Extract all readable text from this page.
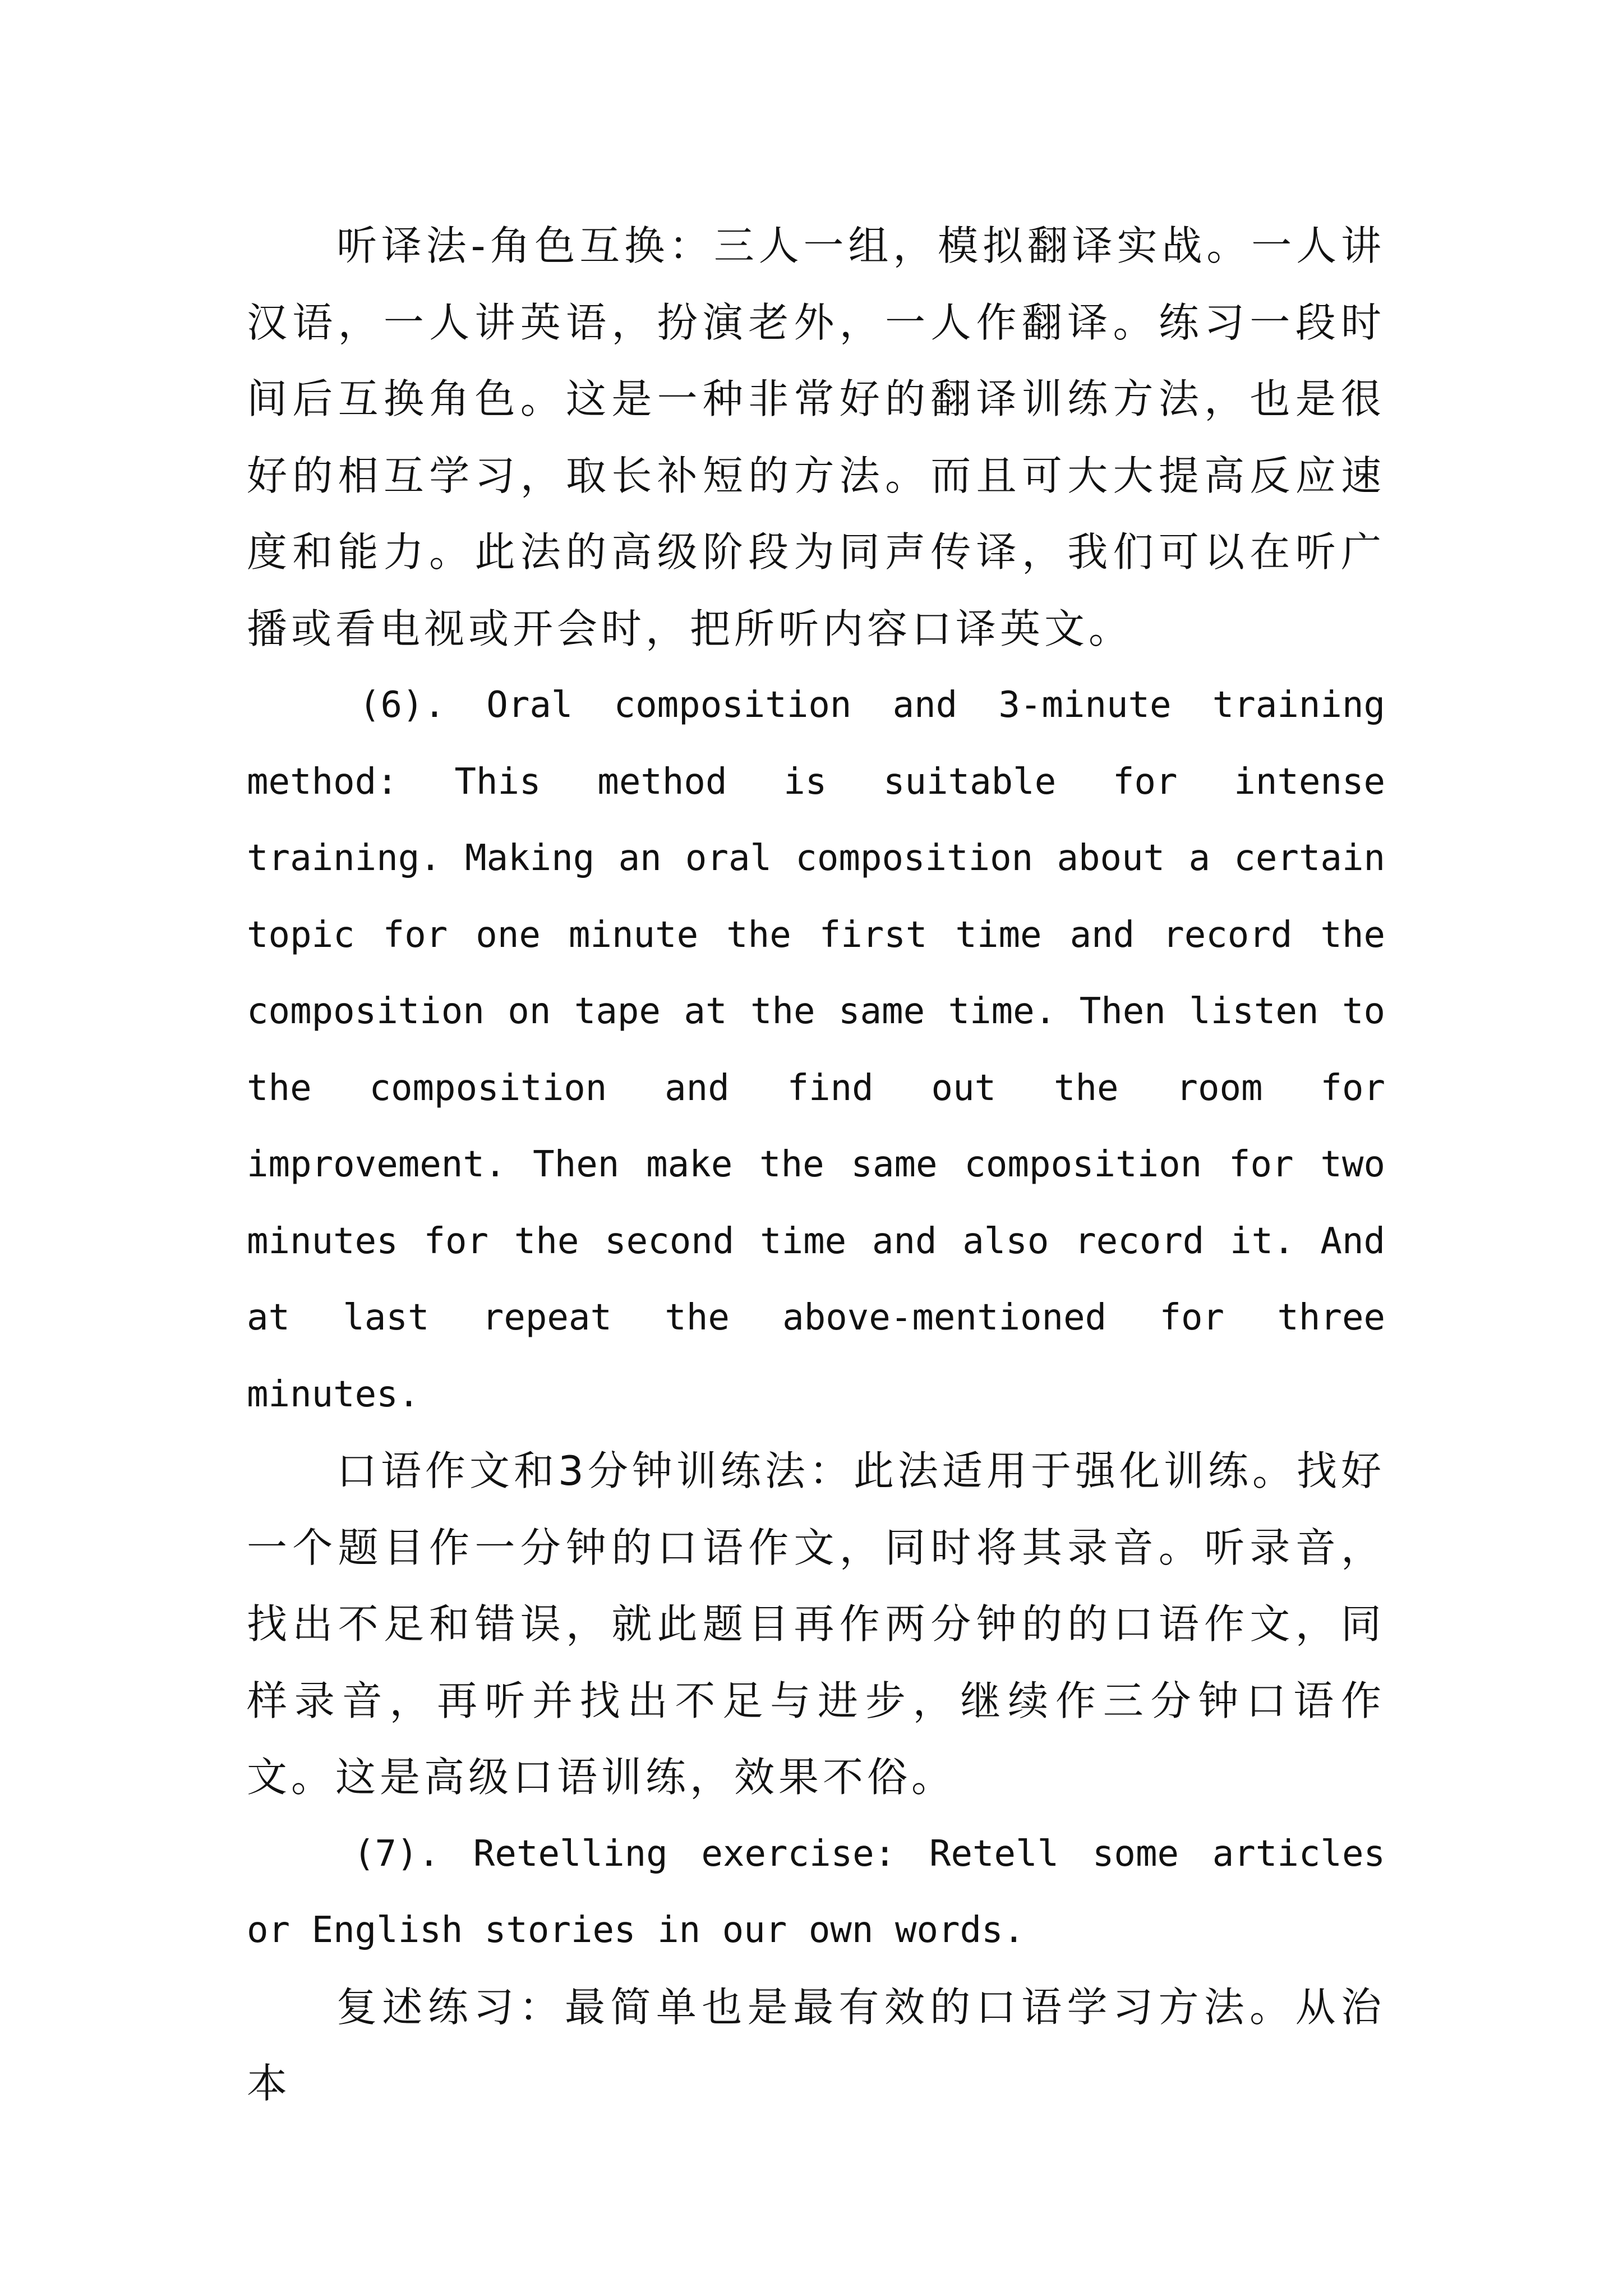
听译法-角色互换：三人一组，模拟翻译实战。一人讲汉语，一人讲英语，扮演老外，一人作翻译。练习一段时间后互换角色。这是一种非常好的翻译训练方法，也是很好的相互学习，取长补短的方法。而且可大大提高反应速度和能力。此法的高级阶段为同声传译，我们可以在听广播或看电视或开会时，把所听内容口译英文。

(6). Oral composition and 3-minute training method: This method is suitable for intense training. Making an oral composition about a certain topic for one minute the first time and record the composition on tape at the same time. Then listen to the composition and find out the room for improvement. Then make the same composition for two minutes for the second time and also record it. And at last repeat the above-mentioned for three minutes.

口语作文和3分钟训练法：此法适用于强化训练。找好一个题目作一分钟的口语作文，同时将其录音。听录音，找出不足和错误，就此题目再作两分钟的的口语作文，同样录音，再听并找出不足与进步，继续作三分钟口语作文。这是高级口语训练，效果不俗。

(7). Retelling exercise: Retell some articles or English stories in our own words.

复述练习：最简单也是最有效的口语学习方法。从治本
